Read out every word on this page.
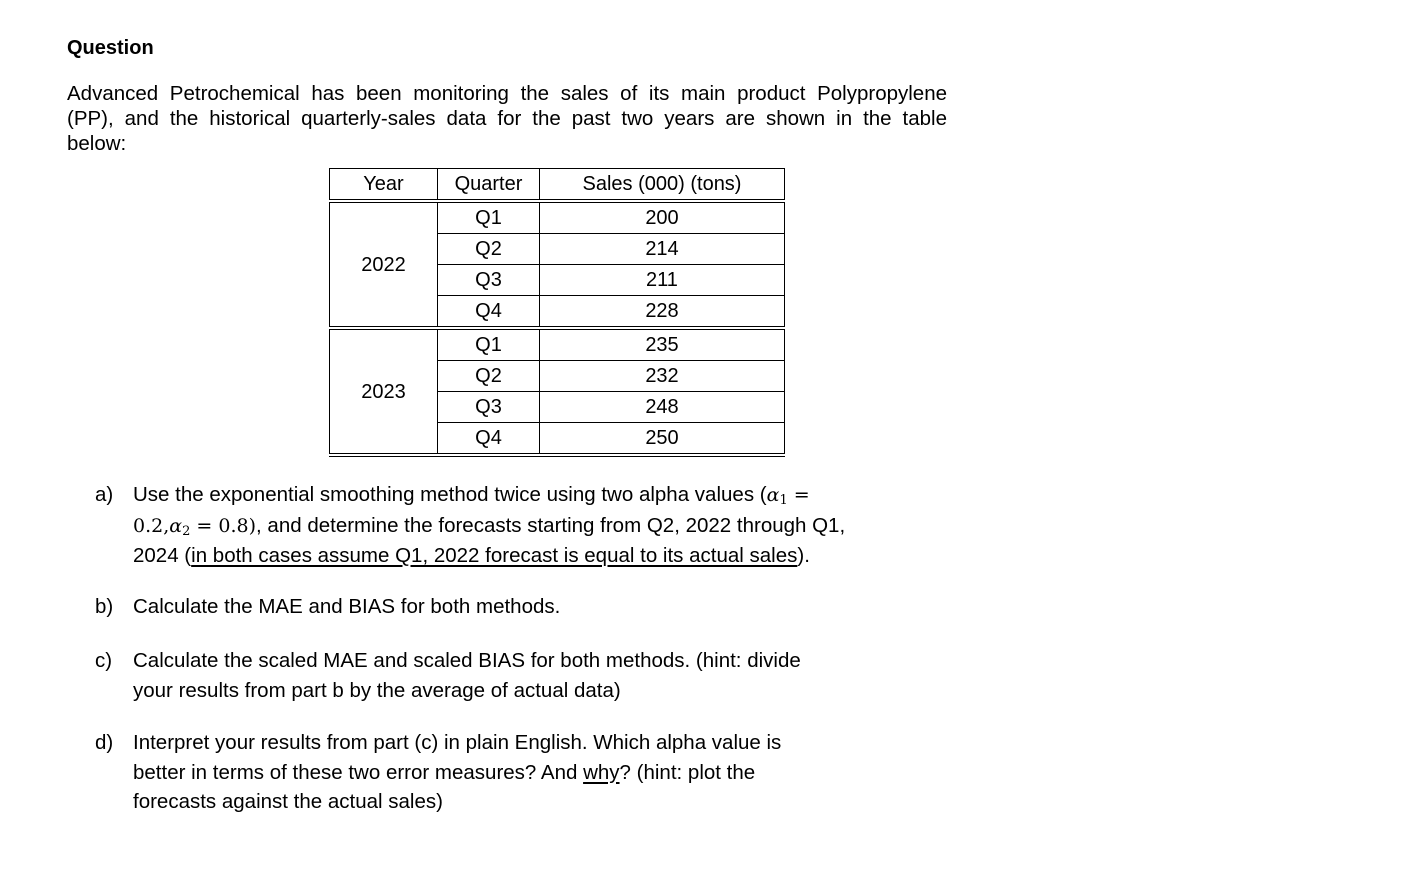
Question
Advanced Petrochemical has been monitoring the sales of its main product Polypropylene
(PP), and the historical quarterly-sales data for the past two years are shown in the table
below:
Year	Quarter	Sales (000) (tons)
2022	Q1	200
	Q2	214
	Q3	211
	Q4	228
2023	Q1	235
	Q2	232
	Q3	248
	Q4	250
a) Use the exponential smoothing method twice using two alpha values ($\alpha_1$ =
$0.2,\alpha_2 = 0.8$), and determine the forecasts starting from Q2, 2022 through Q1,
2024 (in both cases assume Q1, 2022 forecast is equal to its actual sales).
b) Calculate the MAE and BIAS for both methods.
c)	Calculate the scaled MAE and scaled BIAS for both methods. (hint: divide
your results from part b by the average of actual data)
d) Interpret your results from part (c) in plain English. Which alpha value is
better in terms of these two error measures? And why? (hint: plot the
forecasts against the actual sales)
